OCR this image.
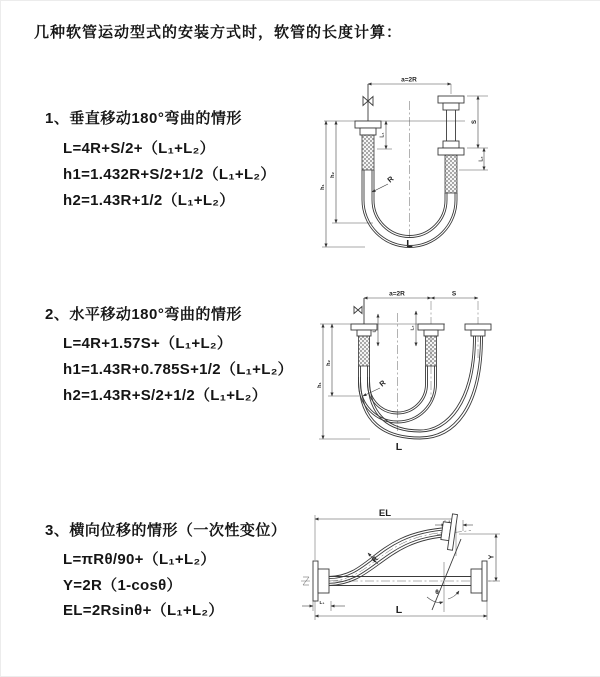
几种软管运动型式的安装方式时，软管的长度计算：
1、垂直移动180°弯曲的情形
L=4R+S/2+（L₁+L₂）
h1=1.432R+S/2+1/2（L₁+L₂）
h2=1.43R+1/2（L₁+L₂）
2、水平移动180°弯曲的情形
L=4R+1.57S+（L₁+L₂）
h1=1.43R+0.785S+1/2（L₁+L₂）
h2=1.43R+S/2+1/2（L₁+L₂）
3、横向位移的情形（一次性变位）
L=πRθ/90+（L₁+L₂）
Y=2R（1-cosθ）
EL=2Rsinθ+（L₁+L₂）
a=2R
h₁
h₂
L₁
S
L₂
R
L
a=2R	S
h₁
h₂
L₂
R
L
EL
Y
L
L₁
R
θ
